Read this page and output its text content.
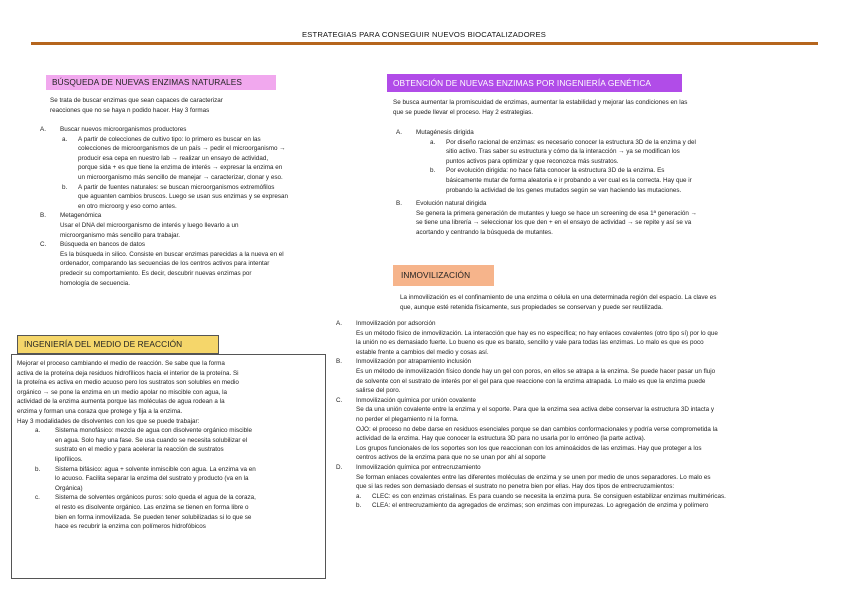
ESTRATEGIAS PARA CONSEGUIR NUEVOS BIOCATALIZADORES
BÚSQUEDA DE NUEVAS ENZIMAS NATURALES

Se trata de buscar enzimas que sean capaces de caracterizar

reacciones que no se haya n podido hacer. Hay 3 formas

A. Buscar nuevos microorganismos productores

a. A partir de colecciones de cultivo tipo: lo primero es buscar en las

colecciones de microorganismos de un país → pedir el microorganismo →

producir esa cepa en nuestro lab → realizar un ensayo de actividad,

porque sida + es que tiene la enzima de interés → expresar la enzima en

un microorganismo más sencillo de manejar → caracterizar, clonar y eso.

b. A partir de fuentes naturales: se buscan microorganismos extremófilos

que aguanten cambios bruscos. Luego se usan sus enzimas y se expresan

en otro microorg y eso como antes.

B. Metagenómica

Usar el DNA del microorganismo de interés y luego llevarlo a un

microorganismo más sencillo para trabajar.

C. Búsqueda en bancos de datos

Es la búsqueda in silico. Consiste en buscar enzimas parecidas a la nueva en el

ordenador, comparando las secuencias de los centros activos para intentar

predecir su comportamiento. Es decir, descubrir nuevas enzimas por

homología de secuencia.

INGENIERÍA DEL MEDIO DE REACCIÓN

Mejorar el proceso cambiando el medio de reacción. Se sabe que la forma

activa de la proteína deja residuos hidrofílicos hacia el interior de la proteína. Si

la proteína es activa en medio acuoso pero los sustratos son solubles en medio

orgánico → se pone la enzima en un medio apolar no miscible con agua, la

actividad de la enzima aumenta porque las moléculas de agua rodean a la

enzima y forman una coraza que protege y fija a la enzima.

Hay 3 modalidades de disolventes con los que se puede trabajar:

a. Sistema monofásico: mezcla de agua con disolvente orgánico miscible

en agua. Solo hay una fase. Se usa cuando se necesita solubilizar el

sustrato en el medio y para acelerar la reacción de sustratos

lipofílicos.

b. Sistema bifásico: agua + solvente inmiscible con agua. La enzima va en

lo acuoso. Facilita separar la enzima del sustrato y producto (va en la

Orgánica)

c. Sistema de solventes orgánicos puros: solo queda el agua de la coraza,

el resto es disolvente orgánico. Las enzima se tienen en forma libre o

bien en forma inmovilizada. Se pueden tener solubilizadas si lo que se

hace es recubrir la enzima con polímeros hidrofóbicos

OBTENCIÓN DE NUEVAS ENZIMAS POR INGENIERÍA GENÉTICA

Se busca aumentar la promiscuidad de enzimas, aumentar la estabilidad y mejorar las condiciones en las

que se puede llevar el proceso. Hay 2 estrategias.

A. Mutagénesis dirigida

a. Por diseño racional de enzimas: es necesario conocer la estructura 3D de la enzima y del

sitio activo. Tras saber su estructura y cómo da la interacción → ya se modifican los

puntos activos para optimizar y que reconozca más sustratos.

b. Por evolución dirigida: no hace falta conocer la estructura 3D de la enzima. Es

básicamente mutar de forma aleatoria e ir probando a ver cual es la correcta. Hay que ir

probando la actividad de los genes mutados según se van haciendo las mutaciones.

B. Evolución natural dirigida

Se genera la primera generación de mutantes y luego se hace un screening de esa 1ª generación →

se tiene una librería → seleccionar los que den + en el ensayo de actividad → se repite y así se va

acortando y centrando la búsqueda de mutantes.

INMOVILIZACIÓN

La inmovilización es el confinamiento de una enzima o célula en una determinada región del espacio. La clave es

que, aunque esté retenida físicamente, sus propiedades se conservan y puede ser reutilizada.

A. Inmovilización por adsorción

Es un método físico de inmovilización. La interacción que hay es no específica; no hay enlaces covalentes (otro tipo sí) por lo que

la unión no es demasiado fuerte. Lo bueno es que es barato, sencillo y vale para todas las enzimas. Lo malo es que es poco

estable frente a cambios del medio y cosas así.

B. Inmovilización por atrapamiento inclusión

Es un método de inmovilización físico donde hay un gel con poros, en ellos se atrapa a la enzima. Se puede hacer pasar un flujo

de solvente con el sustrato de interés por el gel para que reaccione con la enzima atrapada. Lo malo es que la enzima puede

salirse del poro.

C. Inmovilización química por unión covalente

Se da una unión covalente entre la enzima y el soporte. Para que la enzima sea activa debe conservar la estructura 3D intacta y

no perder el plegamiento ni la forma.

OJO: el proceso no debe darse en residuos esenciales porque se dan cambios conformacionales y podría verse comprometida la

actividad de la enzima. Hay que conocer la estructura 3D para no usarla por lo erróneo (la parte activa).

Los grupos funcionales de los soportes son los que reaccionan con los aminoácidos de las enzimas. Hay que proteger a los

centros activos de la enzima para que no se unan por ahí al soporte

D. Inmovilización química por entrecruzamiento

Se forman enlaces covalentes entre las diferentes moléculas de enzima y se unen por medio de unos separadores. Lo malo es

que si las redes son demasiado densas el sustrato no penetra bien por ellas. Hay dos tipos de entrecruzamientos:

a. CLEC: es con enzimas cristalinas. Es para cuando se necesita la enzima pura. Se consiguen estabilizar enzimas multiméricas.

b. CLEA: el entrecruzamiento da agregados de enzimas; son enzimas con impurezas. Lo agregación de enzima y polímero
